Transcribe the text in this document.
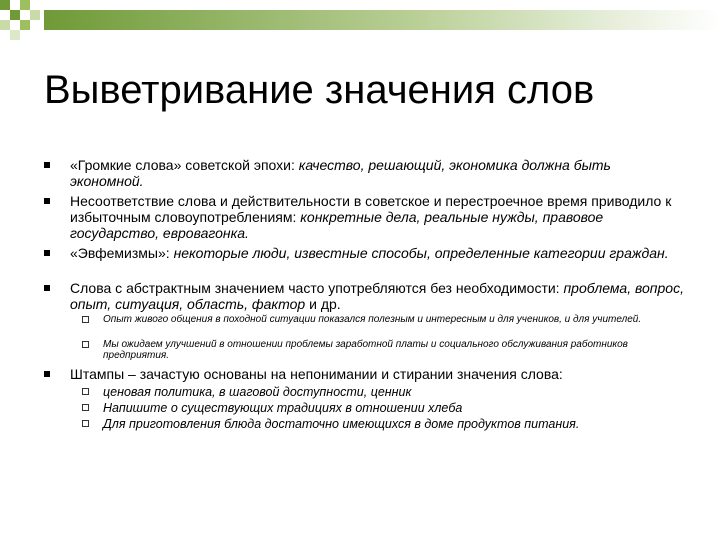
Выветривание значения слов
«Громкие слова» советской эпохи: качество, решающий, экономика должна быть экономной.
Несоответствие слова и действительности в советское и перестроечное время приводило к избыточным словоупотреблениям: конкретные дела, реальные нужды, правовое государство, евровагонка.
«Эвфемизмы»: некоторые люди, известные способы, определенные категории граждан.
Слова с абстрактным значением часто употребляются без необходимости: проблема, вопрос, опыт, ситуация, область, фактор и др.
Опыт живого общения в походной ситуации показался полезным и интересным и для учеников, и для учителей.
Мы ожидаем улучшений в отношении проблемы заработной платы и социального обслуживания работников предприятия.
Штампы – зачастую основаны на непонимании и стирании значения слова:
ценовая политика, в шаговой доступности, ценник
Напишите о существующих традициях в отношении хлеба
Для приготовления блюда достаточно имеющихся в доме продуктов питания.
